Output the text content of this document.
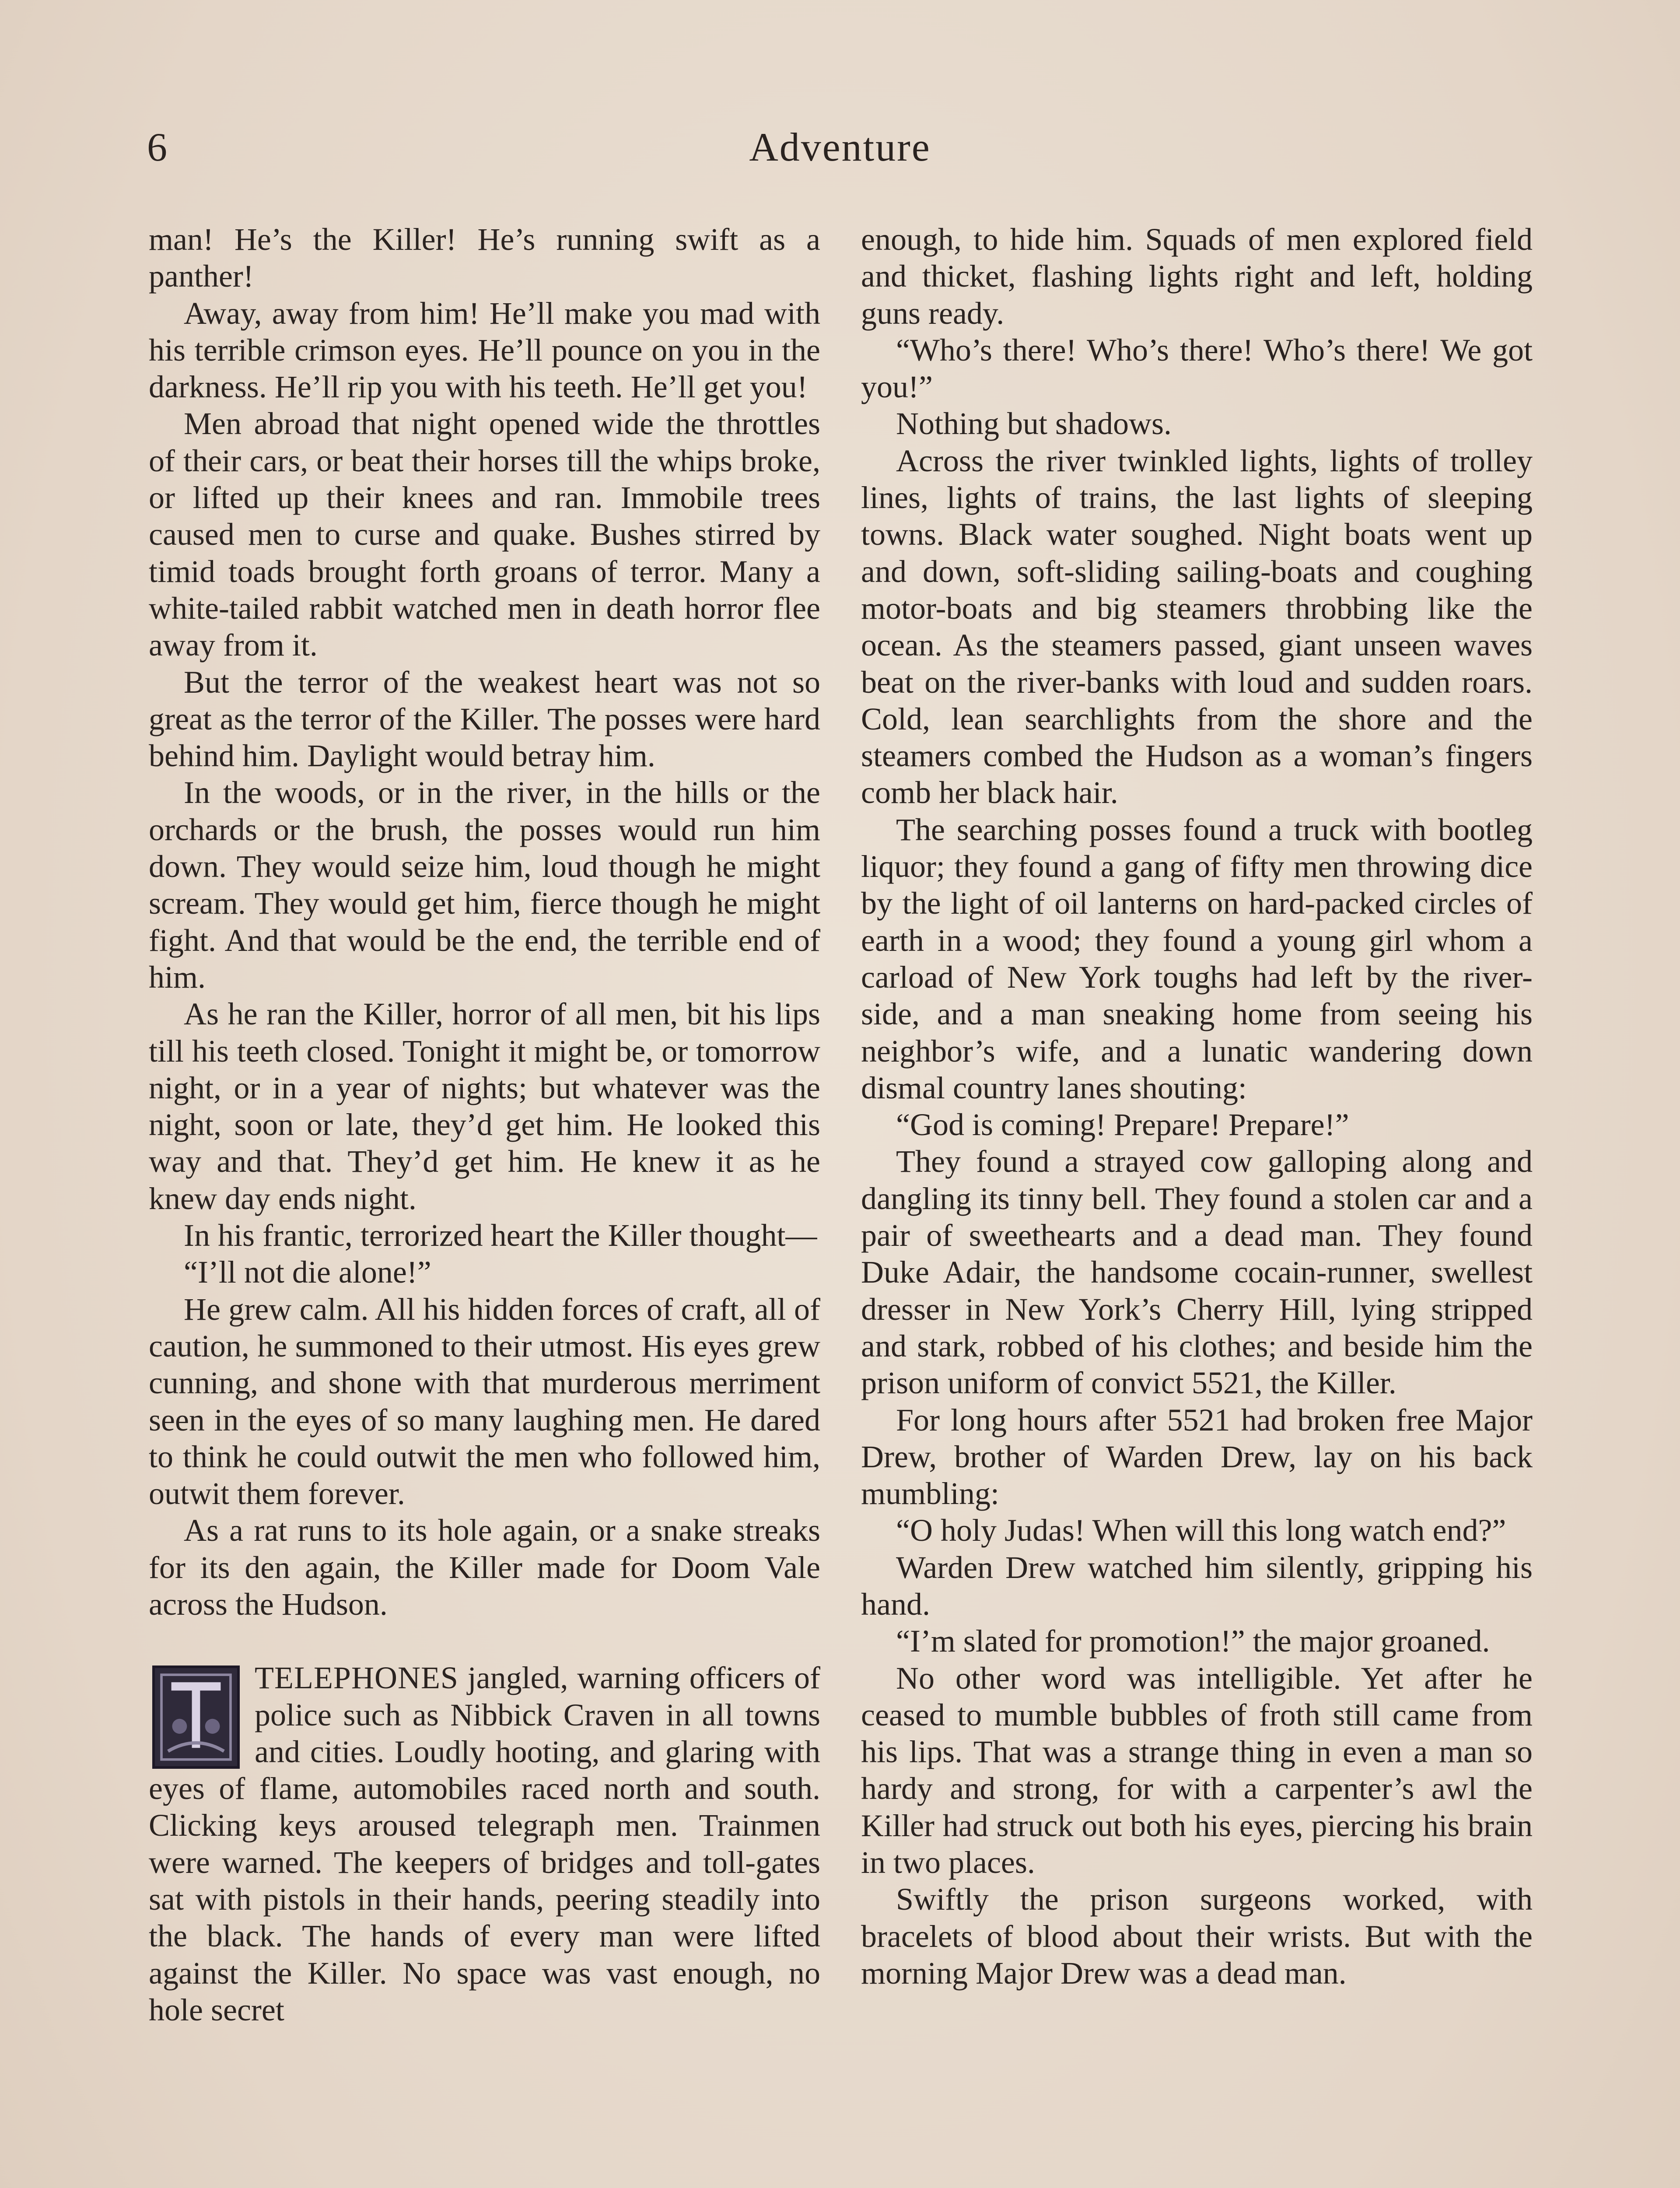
6	Adventure

man! He’s the Killer! He’s running swift as a panther!

Away, away from him! He’ll make you mad with his terrible crimson eyes. He’ll pounce on you in the darkness. He’ll rip you with his teeth. He’ll get you!

Men abroad that night opened wide the throttles of their cars, or beat their horses till the whips broke, or lifted up their knees and ran. Immobile trees caused men to curse and quake. Bushes stirred by timid toads brought forth groans of terror. Many a white-tailed rabbit watched men in death horror flee away from it.

But the terror of the weakest heart was not so great as the terror of the Killer. The posses were hard behind him. Daylight would betray him.

In the woods, or in the river, in the hills or the orchards or the brush, the posses would run him down. They would seize him, loud though he might scream. They would get him, fierce though he might fight. And that would be the end, the terrible end of him.

As he ran the Killer, horror of all men, bit his lips till his teeth closed. Tonight it might be, or tomorrow night, or in a year of nights; but whatever was the night, soon or late, they’d get him. He looked this way and that. They’d get him. He knew it as he knew day ends night.

In his frantic, terrorized heart the Killer thought—

“I’ll not die alone!”

He grew calm. All his hidden forces of craft, all of caution, he summoned to their utmost. His eyes grew cunning, and shone with that murderous merriment seen in the eyes of so many laughing men. He dared to think he could outwit the men who followed him, outwit them forever.

As a rat runs to its hole again, or a snake streaks for its den again, the Killer made for Doom Vale across the Hudson.

TELEPHONES jangled, warning officers of police such as Nibbick Craven in all towns and cities. Loudly hooting, and glaring with eyes of flame, automobiles raced north and south. Clicking keys aroused telegraph men. Trainmen were warned. The keepers of bridges and toll-gates sat with pistols in their hands, peering steadily into the black. The hands of every man were lifted against the Killer. No space was vast enough, no hole secret

enough, to hide him. Squads of men explored field and thicket, flashing lights right and left, holding guns ready.

“Who’s there! Who’s there! Who’s there! We got you!”

Nothing but shadows.

Across the river twinkled lights, lights of trolley lines, lights of trains, the last lights of sleeping towns. Black water soughed. Night boats went up and down, soft-sliding sailing-boats and coughing motor-boats and big steamers throbbing like the ocean. As the steamers passed, giant unseen waves beat on the river-banks with loud and sudden roars. Cold, lean searchlights from the shore and the steamers combed the Hudson as a woman’s fingers comb her black hair.

The searching posses found a truck with bootleg liquor; they found a gang of fifty men throwing dice by the light of oil lanterns on hard-packed circles of earth in a wood; they found a young girl whom a carload of New York toughs had left by the river-side, and a man sneaking home from seeing his neighbor’s wife, and a lunatic wandering down dismal country lanes shouting:

“God is coming! Prepare! Prepare!”

They found a strayed cow galloping along and dangling its tinny bell. They found a stolen car and a pair of sweethearts and a dead man. They found Duke Adair, the handsome cocain-runner, swellest dresser in New York’s Cherry Hill, lying stripped and stark, robbed of his clothes; and beside him the prison uniform of convict 5521, the Killer.

For long hours after 5521 had broken free Major Drew, brother of Warden Drew, lay on his back mumbling:

“O holy Judas! When will this long watch end?”

Warden Drew watched him silently, gripping his hand.

“I’m slated for promotion!” the major groaned.

No other word was intelligible. Yet after he ceased to mumble bubbles of froth still came from his lips. That was a strange thing in even a man so hardy and strong, for with a carpenter’s awl the Killer had struck out both his eyes, piercing his brain in two places.

Swiftly the prison surgeons worked, with bracelets of blood about their wrists. But with the morning Major Drew was a dead man.
